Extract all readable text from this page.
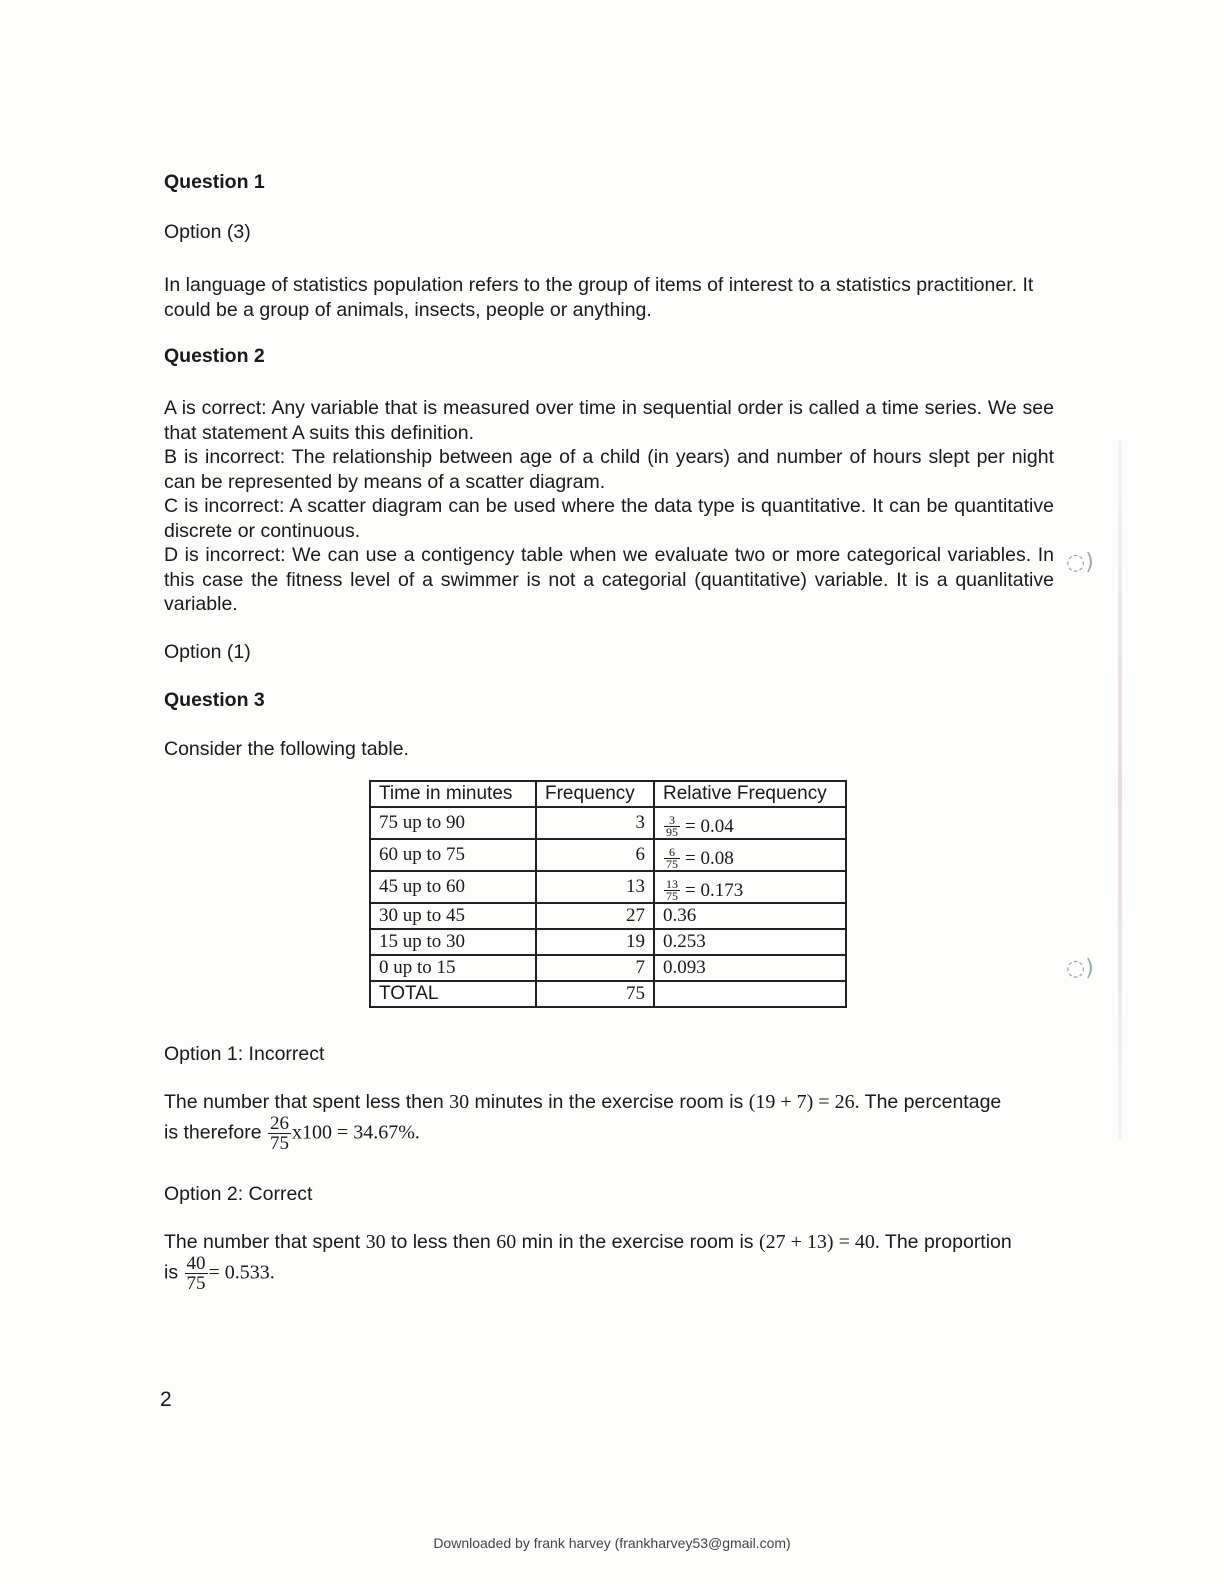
Question 1
Option (3)
In language of statistics population refers to the group of items of interest to a statistics practitioner. It could be a group of animals, insects, people or anything.
Question 2
A is correct: Any variable that is measured over time in sequential order is called a time series. We see that statement A suits this definition.
B is incorrect: The relationship between age of a child (in years) and number of hours slept per night can be represented by means of a scatter diagram.
C is incorrect: A scatter diagram can be used where the data type is quantitative. It can be quantitative discrete or continuous.
D is incorrect: We can use a contigency table when we evaluate two or more categorical variables. In this case the fitness level of a swimmer is not a categorial (quantitative) variable. It is a quanlitative variable.
Option (1)
Question 3
Consider the following table.
Time in minutes	Frequency	Relative Frequency
75 up to 90	3	$\frac{3}{95} = 0.04$

60 up to 75	6	$\frac{6}{75} = 0.08$

45 up to 60	13	$\frac{13}{75} = 0.173$

30 up to 45	27	0.36
15 up to 30	19	0.253
0 up to 15	7	0.093
TOTAL	75	
Option 1: Incorrect
The number that spent less then 30 minutes in the exercise room is (19 + 7) = 26. The percentage
is therefore $\frac{26}{75} x100 = 34.67\%$.
Option 2: Correct
The number that spent 30 to less then 60 min in the exercise room is (27 + 13) = 40. The proportion
is $\frac{40}{75} = 0.533$.
2
Downloaded by frank harvey (frankharvey53@gmail.com)
◌)
◌)
